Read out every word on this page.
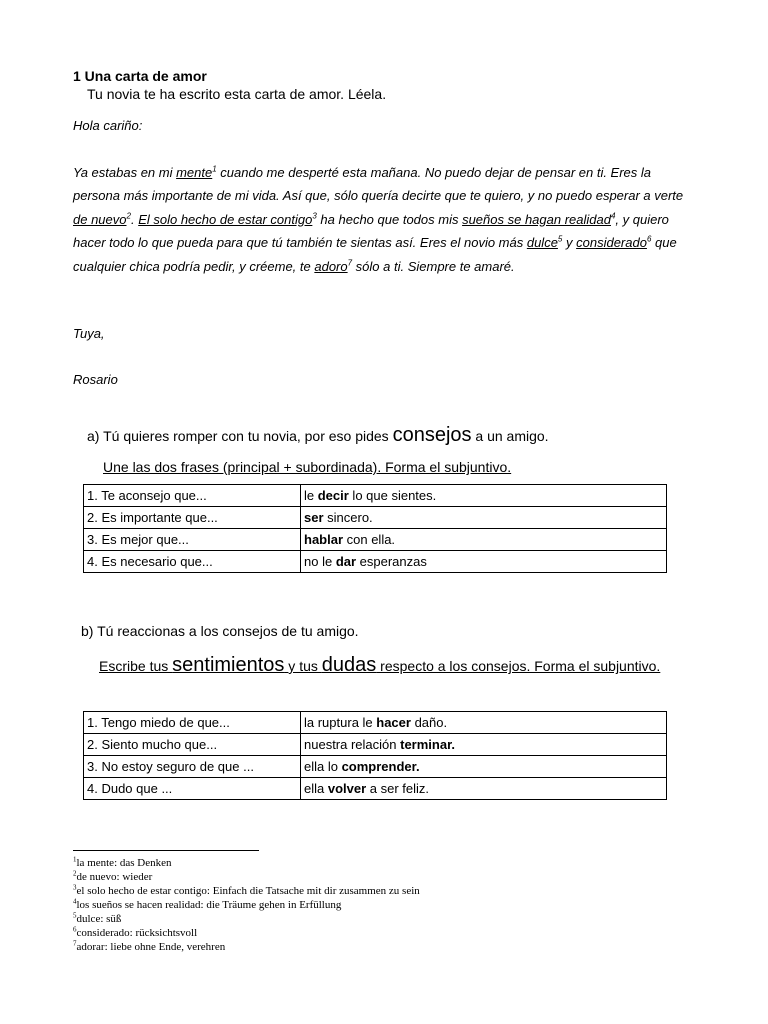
1 Una carta de amor
Tu novia te ha escrito esta carta de amor. Léela.
Hola cariño:
Ya estabas en mi mente$^1$ cuando me desperté esta mañana. No puedo dejar de pensar en ti. Eres la persona más importante de mi vida. Así que, sólo quería decirte que te quiero, y no puedo esperar a verte de nuevo$^2$. El solo hecho de estar contigo$^3$ ha hecho que todos mis sueños se hagan realidad$^4$, y quiero hacer todo lo que pueda para que tú también te sientas así. Eres el novio más dulce$^5$ y considerado$^6$ que cualquier chica podría pedir, y créeme, te adoro$^7$ sólo a ti. Siempre te amaré.
Tuya,
Rosario
a) Tú quieres romper con tu novia, por eso pides consejos a un amigo.
Une las dos frases (principal + subordinada). Forma el subjuntivo.
1. Te aconsejo que...	le decir lo que sientes.
2. Es importante que...	ser sincero.
3. Es mejor que...	hablar con ella.
4. Es necesario que...	no le dar esperanzas
b) Tú reaccionas a los consejos de tu amigo.
Escribe tus sentimientos y tus dudas respecto a los consejos. Forma el subjuntivo.
1. Tengo miedo de que...	la ruptura le hacer daño.
2. Siento mucho que...	nuestra relación terminar.
3. No estoy seguro de que ...	ella lo comprender.
4. Dudo que ...	ella volver a ser feliz.
$^1$la mente: das Denken
$^2$de nuevo: wieder
$^3$el solo hecho de estar contigo: Einfach die Tatsache mit dir zusammen zu sein
$^4$los sueños se hacen realidad: die Träume gehen in Erfüllung
$^5$dulce: süß
$^6$considerado: rücksichtsvoll
$^7$adorar: liebe ohne Ende, verehren
